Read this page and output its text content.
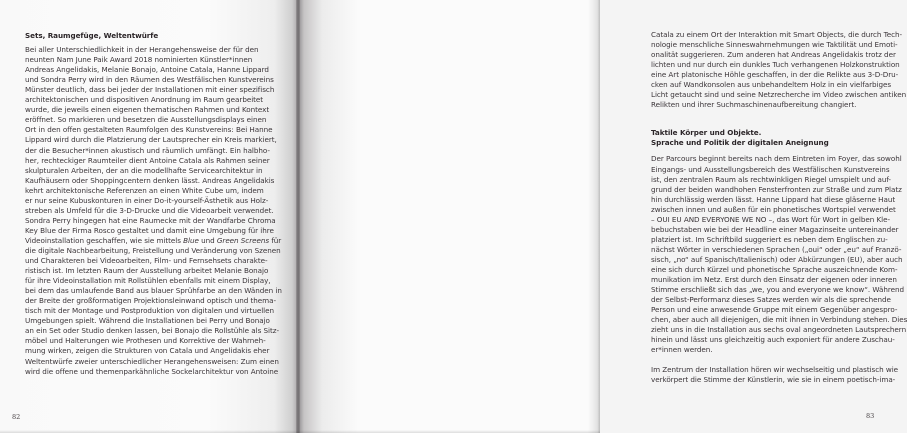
Sets, Raumgefüge, Weltentwürfe

Bei aller Unterschiedlichkeit in der Herangehensweise der für den
neunten Nam June Paik Award 2018 nominierten Künstler*innen
Andreas Angelidakis, Melanie Bonajo, Antoine Catala, Hanne Lippard
und Sondra Perry wird in den Räumen des Westfälischen Kunstvereins
Münster deutlich, dass bei jeder der Installationen mit einer spezifisch
architektonischen und dispositiven Anordnung im Raum gearbeitet
wurde, die jeweils einen eigenen thematischen Rahmen und Kontext
eröffnet. So markieren und besetzen die Ausstellungsdisplays einen
Ort in den offen gestalteten Raumfolgen des Kunstvereins: Bei Hanne
Lippard wird durch die Platzierung der Lautsprecher ein Kreis markiert,
der die Besucher*innen akustisch und räumlich umfängt. Ein halbho-
her, rechteckiger Raumteiler dient Antoine Catala als Rahmen seiner
skulpturalen Arbeiten, der an die modellhafte Servicearchitektur in
Kaufhäusern oder Shoppingcentern denken lässt. Andreas Angelidakis
kehrt architektonische Referenzen an einen White Cube um, indem
er nur seine Kubuskonturen in einer Do-it-yourself-Ästhetik aus Holz-
streben als Umfeld für die 3-D-Drucke und die Videoarbeit verwendet.
Sondra Perry hingegen hat eine Raumecke mit der Wandfarbe Chroma
Key Blue der Firma Rosco gestaltet und damit eine Umgebung für ihre
Videoinstallation geschaffen, wie sie mittels Blue und Green Screens für
die digitale Nachbearbeitung, Freistellung und Veränderung von Szenen
und Charakteren bei Videoarbeiten, Film- und Fernsehsets charakte-
ristisch ist. Im letzten Raum der Ausstellung arbeitet Melanie Bonajo
für ihre Videoinstallation mit Rollstühlen ebenfalls mit einem Display,
bei dem das umlaufende Band aus blauer Sprühfarbe an den Wänden in
der Breite der großformatigen Projektionsleinwand optisch und thema-
tisch mit der Montage und Postproduktion von digitalen und virtuellen
Umgebungen spielt. Während die Installationen bei Perry und Bonajo
an ein Set oder Studio denken lassen, bei Bonajo die Rollstühle als Sitz-
möbel und Halterungen wie Prothesen und Korrektive der Wahrneh-
mung wirken, zeigen die Strukturen von Catala und Angelidakis eher
Weltentwürfe zweier unterschiedlicher Herangehensweisen: Zum einen
wird die offene und themenparkähnliche Sockelarchitektur von Antoine
82
Catala zu einem Ort der Interaktion mit Smart Objects, die durch Tech-
nologie menschliche Sinneswahrnehmungen wie Taktilität und Emoti-
onalität suggerieren. Zum anderen hat Andreas Angelidakis trotz der
lichten und nur durch ein dunkles Tuch verhangenen Holzkonstruktion
eine Art platonische Höhle geschaffen, in der die Relikte aus 3-D-Dru-
cken auf Wandkonsolen aus unbehandeltem Holz in ein vielfarbiges
Licht getaucht sind und seine Netzrecherche im Video zwischen antiken
Relikten und ihrer Suchmaschinenaufbereitung changiert.

Taktile Körper und Objekte.

Sprache und Politik der digitalen Aneignung

Der Parcours beginnt bereits nach dem Eintreten im Foyer, das sowohl
Eingangs- und Ausstellungsbereich des Westfälischen Kunstvereins
ist, den zentralen Raum als rechtwinkligen Riegel umspielt und auf-
grund der beiden wandhohen Fensterfronten zur Straße und zum Platz
hin durchlässig werden lässt. Hanne Lippard hat diese gläserne Haut
zwischen innen und außen für ein phonetisches Wortspiel verwendet
– OUI EU AND EVERYONE WE NO –, das Wort für Wort in gelben Kle-
bebuchstaben wie bei der Headline einer Magazinseite untereinander
platziert ist. Im Schriftbild suggeriert es neben dem Englischen zu-
nächst Wörter in verschiedenen Sprachen („oui“ oder „eu“ auf Franzö-
sisch, „no“ auf Spanisch/Italienisch) oder Abkürzungen (EU), aber auch
eine sich durch Kürzel und phonetische Sprache auszeichnende Kom-
munikation im Netz. Erst durch den Einsatz der eigenen oder inneren
Stimme erschließt sich das „we, you and everyone we know“. Während
der Selbst-Performanz dieses Satzes werden wir als die sprechende
Person und eine anwesende Gruppe mit einem Gegenüber angespro-
chen, aber auch all diejenigen, die mit ihnen in Verbindung stehen. Dies
zieht uns in die Installation aus sechs oval angeordneten Lautsprechern
hinein und lässt uns gleichzeitig auch exponiert für andere Zuschau-
er*innen werden.
Im Zentrum der Installation hören wir wechselseitig und plastisch wie
verkörpert die Stimme der Künstlerin, wie sie in einem poetisch-ima-
83
